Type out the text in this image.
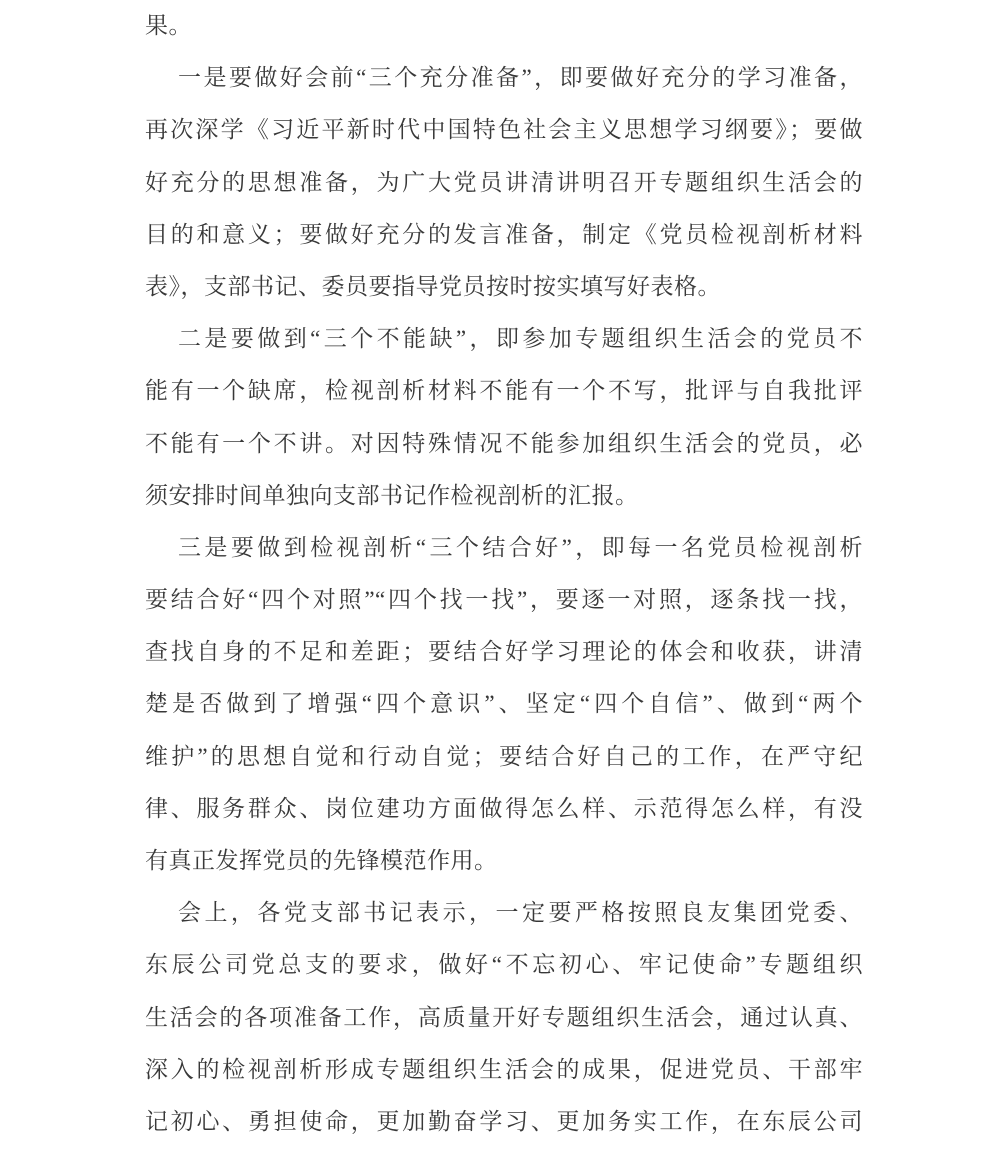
果。
一是要做好会前“三个充分准备”，即要做好充分的学习准备，
再次深学《习近平新时代中国特色社会主义思想学习纲要》；要做
好充分的思想准备，为广大党员讲清讲明召开专题组织生活会的
目的和意义；要做好充分的发言准备，制定《党员检视剖析材料
表》，支部书记、委员要指导党员按时按实填写好表格。
二是要做到“三个不能缺”，即参加专题组织生活会的党员不
能有一个缺席，检视剖析材料不能有一个不写，批评与自我批评
不能有一个不讲。对因特殊情况不能参加组织生活会的党员，必
须安排时间单独向支部书记作检视剖析的汇报。
三是要做到检视剖析“三个结合好”，即每一名党员检视剖析
要结合好“四个对照”“四个找一找”，要逐一对照，逐条找一找，
查找自身的不足和差距；要结合好学习理论的体会和收获，讲清
楚是否做到了增强“四个意识”、坚定“四个自信”、做到“两个
维护”的思想自觉和行动自觉；要结合好自己的工作，在严守纪
律、服务群众、岗位建功方面做得怎么样、示范得怎么样，有没
有真正发挥党员的先锋模范作用。
会上，各党支部书记表示，一定要严格按照良友集团党委、
东辰公司党总支的要求，做好“不忘初心、牢记使命”专题组织
生活会的各项准备工作，高质量开好专题组织生活会，通过认真、
深入的检视剖析形成专题组织生活会的成果，促进党员、干部牢
记初心、勇担使命，更加勤奋学习、更加务实工作，在东辰公司
